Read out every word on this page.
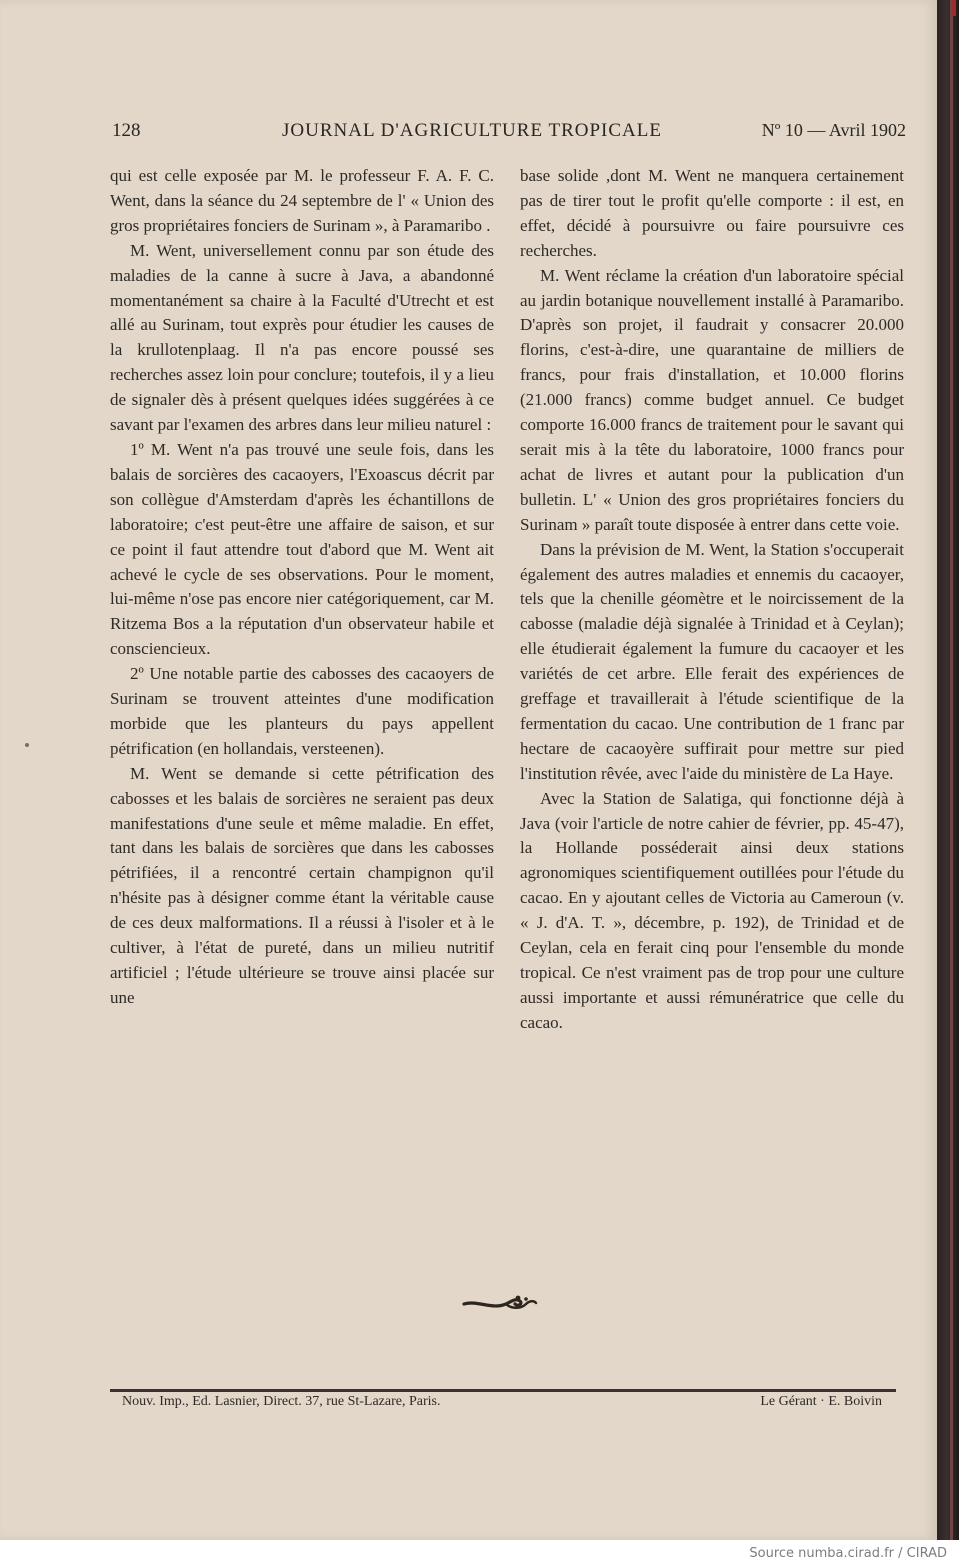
128	JOURNAL D'AGRICULTURE TROPICALE	Nº 10 — Avril 1902

qui est celle exposée par M. le professeur F. A. F. C. Went, dans la séance du 24 septembre de l' « Union des gros propriétaires fonciers de Surinam », à Paramaribo .

M. Went, universellement connu par son étude des maladies de la canne à sucre à Java, a abandonné momentanément sa chaire à la Faculté d'Utrecht et est allé au Surinam, tout exprès pour étudier les causes de la krullotenplaag. Il n'a pas encore poussé ses recherches assez loin pour conclure; toutefois, il y a lieu de signaler dès à présent quelques idées suggérées à ce savant par l'examen des arbres dans leur milieu naturel :

1º M. Went n'a pas trouvé une seule fois, dans les balais de sorcières des cacaoyers, l'Exoascus décrit par son collègue d'Amsterdam d'après les échantillons de laboratoire; c'est peut-être une affaire de saison, et sur ce point il faut attendre tout d'abord que M. Went ait achevé le cycle de ses observations. Pour le moment, lui-même n'ose pas encore nier catégoriquement, car M. Ritzema Bos a la réputation d'un observateur habile et consciencieux.

2º Une notable partie des cabosses des cacaoyers de Surinam se trouvent atteintes d'une modification morbide que les planteurs du pays appellent pétrification (en hollandais, versteenen).

M. Went se demande si cette pétrification des cabosses et les balais de sorcières ne seraient pas deux manifestations d'une seule et même maladie. En effet, tant dans les balais de sorcières que dans les cabosses pétrifiées, il a rencontré certain champignon qu'il n'hésite pas à désigner comme étant la véritable cause de ces deux malformations. Il a réussi à l'isoler et à le cultiver, à l'état de pureté, dans un milieu nutritif artificiel ; l'étude ultérieure se trouve ainsi placée sur une

base solide ,dont M. Went ne manquera certainement pas de tirer tout le profit qu'elle comporte : il est, en effet, décidé à poursuivre ou faire poursuivre ces recherches.

M. Went réclame la création d'un laboratoire spécial au jardin botanique nouvellement installé à Paramaribo. D'après son projet, il faudrait y consacrer 20.000 florins, c'est-à-dire, une quarantaine de milliers de francs, pour frais d'installation, et 10.000 florins (21.000 francs) comme budget annuel. Ce budget comporte 16.000 francs de traitement pour le savant qui serait mis à la tête du laboratoire, 1000 francs pour achat de livres et autant pour la publication d'un bulletin. L' « Union des gros propriétaires fonciers du Surinam » paraît toute disposée à entrer dans cette voie.

Dans la prévision de M. Went, la Station s'occuperait également des autres maladies et ennemis du cacaoyer, tels que la chenille géomètre et le noircissement de la cabosse (maladie déjà signalée à Trinidad et à Ceylan); elle étudierait également la fumure du cacaoyer et les variétés de cet arbre. Elle ferait des expériences de greffage et travaillerait à l'étude scientifique de la fermentation du cacao. Une contribution de 1 franc par hectare de cacaoyère suffirait pour mettre sur pied l'institution rêvée, avec l'aide du ministère de La Haye.

Avec la Station de Salatiga, qui fonctionne déjà à Java (voir l'article de notre cahier de février, pp. 45-47), la Hollande posséderait ainsi deux stations agronomiques scientifiquement outillées pour l'étude du cacao. En y ajoutant celles de Victoria au Cameroun (v. « J. d'A. T. », décembre, p. 192), de Trinidad et de Ceylan, cela en ferait cinq pour l'ensemble du monde tropical. Ce n'est vraiment pas de trop pour une culture aussi importante et aussi rémunératrice que celle du cacao.

Nouv. Imp., Ed. Lasnier, Direct. 37, rue St-Lazare, Paris.	Le Gérant · E. Boivin
Source numba.cirad.fr / CIRAD
